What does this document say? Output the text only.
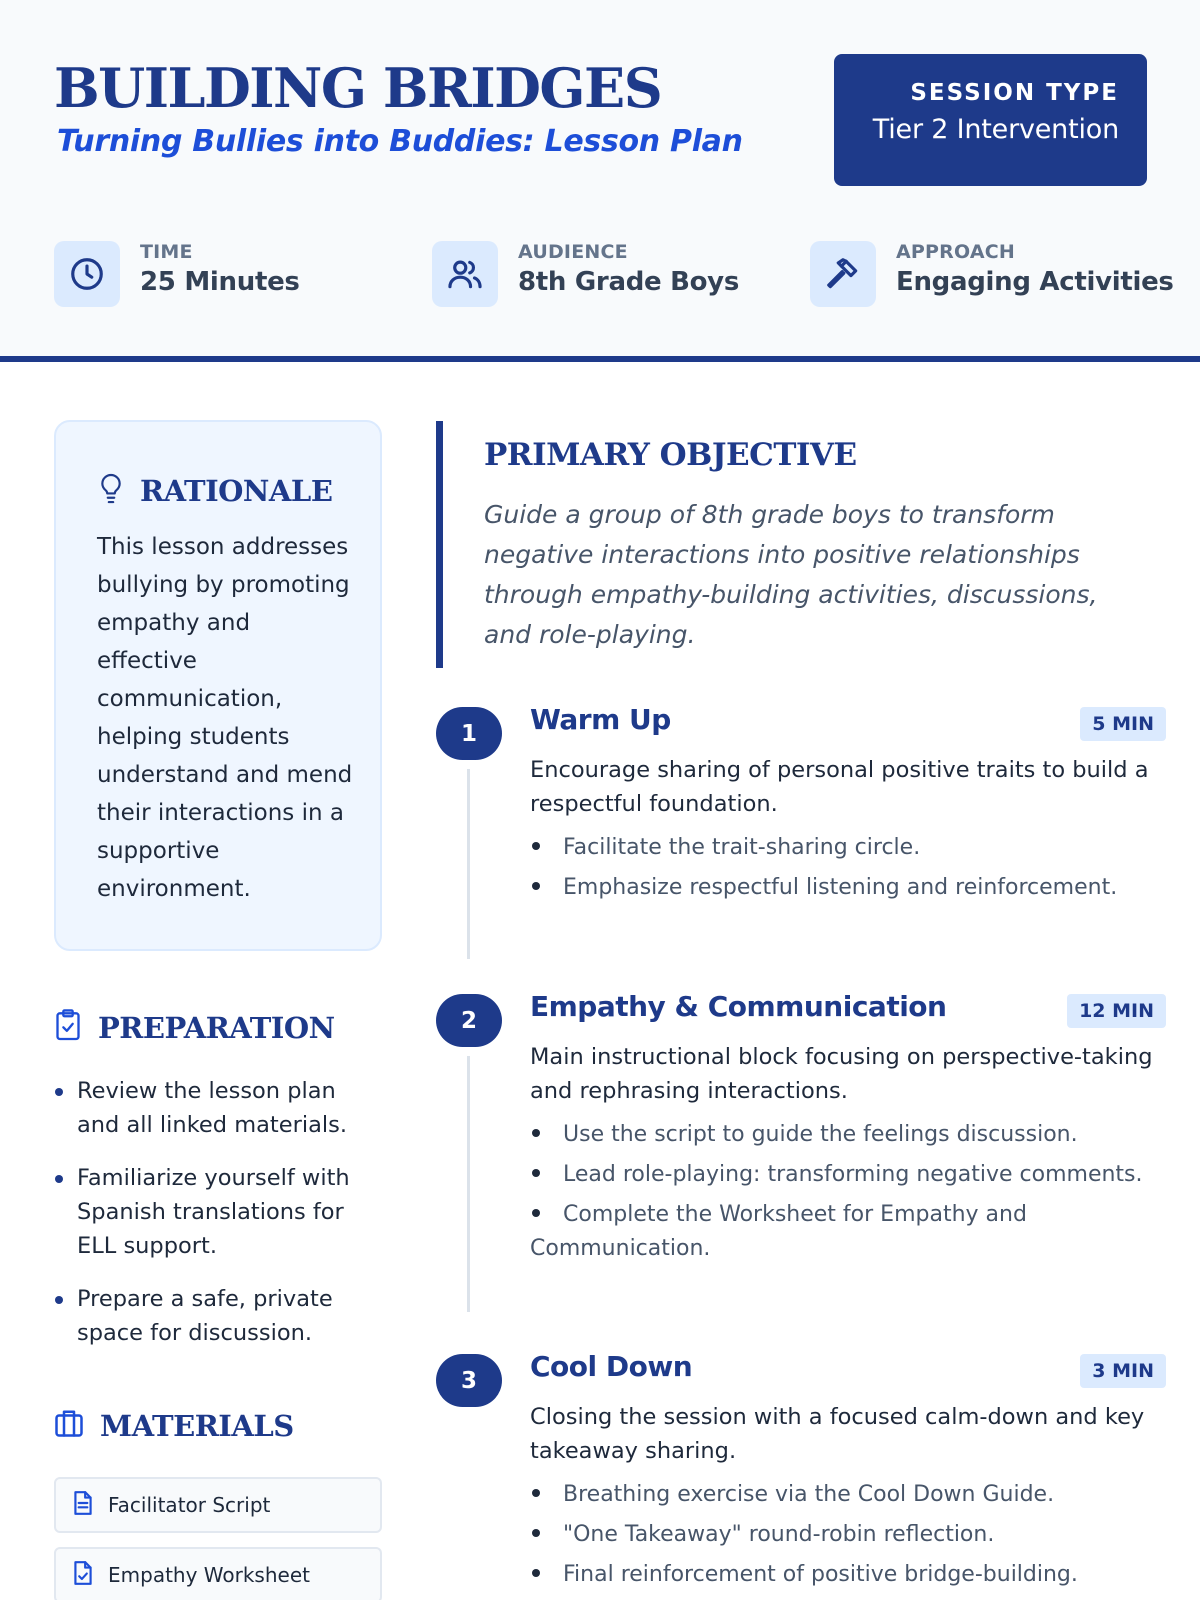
BUILDING BRIDGES
Turning Bullies into Buddies: Lesson Plan
SESSION TYPE
Tier 2 Intervention
TIME
25 Minutes
AUDIENCE
8th Grade Boys
APPROACH
Engaging Activities
RATIONALE

This lesson addresses bullying by promoting empathy and effective communication, helping students understand and mend their interactions in a supportive environment.

PREPARATION
Review the lesson plan and all linked materials.
Familiarize yourself with Spanish translations for ELL support.
Prepare a safe, private space for discussion.
MATERIALS
Facilitator Script
Empathy Worksheet
PRIMARY OBJECTIVE

Guide a group of 8th grade boys to transform negative interactions into positive relationships through empathy-building activities, discussions, and role-playing.

1	Warm Up	5 MIN

Encourage sharing of personal positive traits to build a respectful foundation.

Facilitate the trait-sharing circle.
Emphasize respectful listening and reinforcement.
2	Empathy & Communication	12 MIN

Main instructional block focusing on perspective-taking and rephrasing interactions.

Use the script to guide the feelings discussion.
Lead role-playing: transforming negative comments.
Complete the Worksheet for Empathy and Communication.
3	Cool Down	3 MIN

Closing the session with a focused calm-down and key takeaway sharing.

Breathing exercise via the Cool Down Guide.
"One Takeaway" round-robin reflection.
Final reinforcement of positive bridge-building.
